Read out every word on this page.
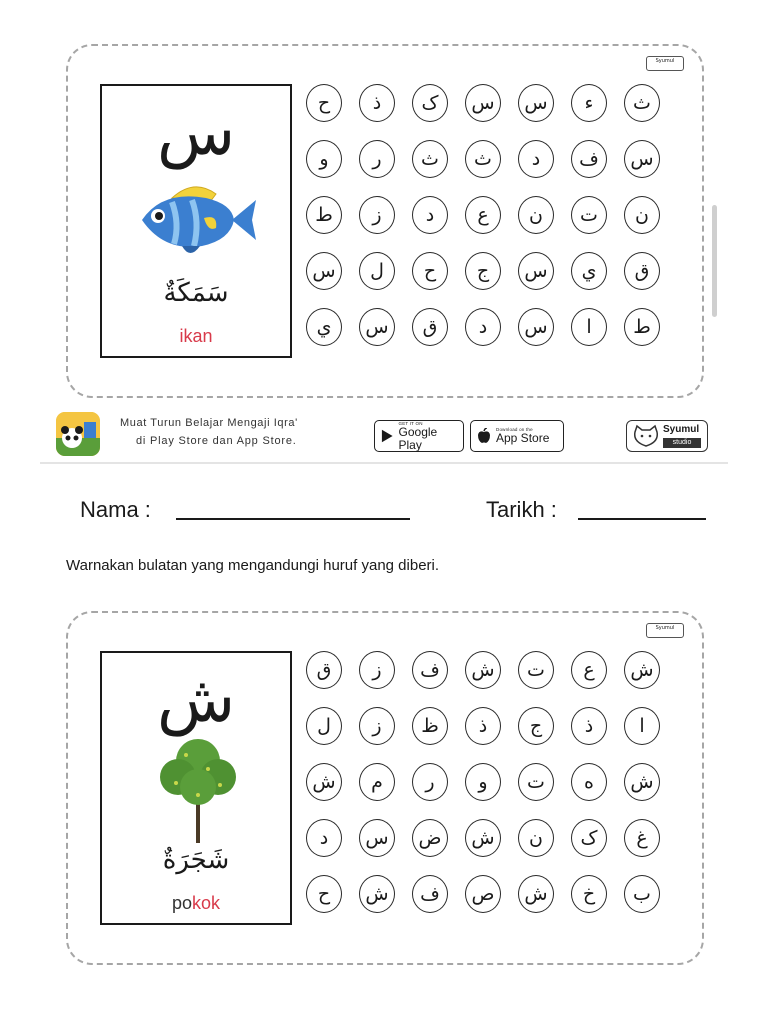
Syumul
س
سَمَكَةٌ
ikan
ح	ذ	ک	س	س	ء	ث
و	ر	ث	ث	د	ف	س
ط	ز	د	ع	ن	ت	ن
س	ل	ح	ج	س	ي	ق
ي	س	ق	د	س	ا	ط
Muat Turun Belajar Mengaji Iqra'
di Play Store dan App Store.
GET IT ON
Google Play
Download on the
App Store
Syumul
studio
Nama :	Tarikh :
Warnakan bulatan yang mengandungi huruf yang diberi.
Syumul
ش
شَجَرَةٌ
pokok
ق	ز	ف	ش	ت	ع	ش
ل	ز	ظ	ذ	ج	ذ	ا
ش	م	ر	و	ت	ه	ش
د	س	ض	ش	ن	ک	غ
ح	ش	ف	ص	ش	خ	ب
